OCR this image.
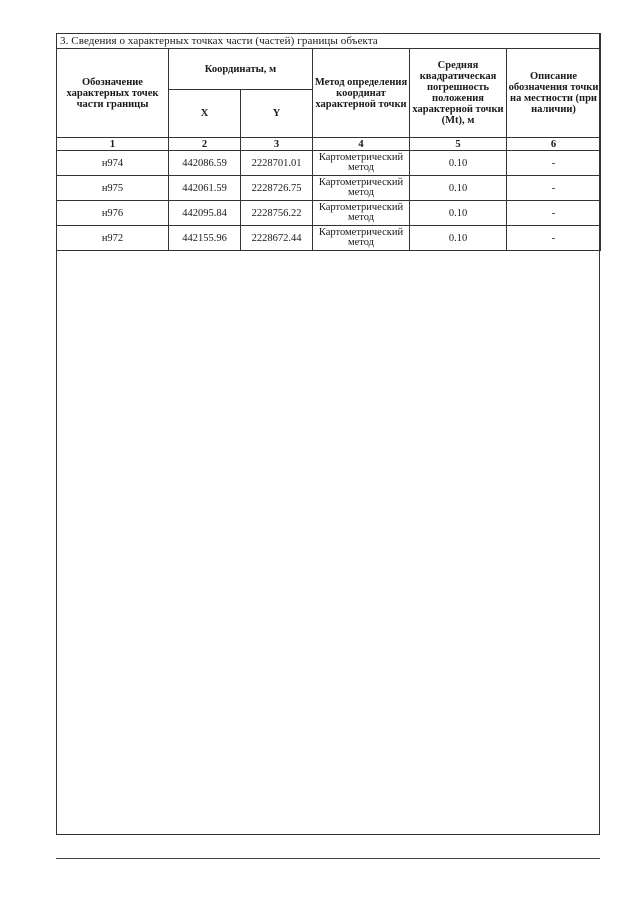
3. Сведения о характерных точках части (частей) границы объекта					
Обозначение характерных точек части границы	Координаты, м		Метод определения координат характерной точки	Средняя квадратическая погрешность положения характерной точки (Mt), м	Описание обозначения точки на местности (при наличии)
	X	Y			
1	2	3	4	5	6
н974	442086.59	2228701.01	Картометрический метод	0.10	-
н975	442061.59	2228726.75	Картометрический метод	0.10	-
н976	442095.84	2228756.22	Картометрический метод	0.10	-
н972	442155.96	2228672.44	Картометрический метод	0.10	-
